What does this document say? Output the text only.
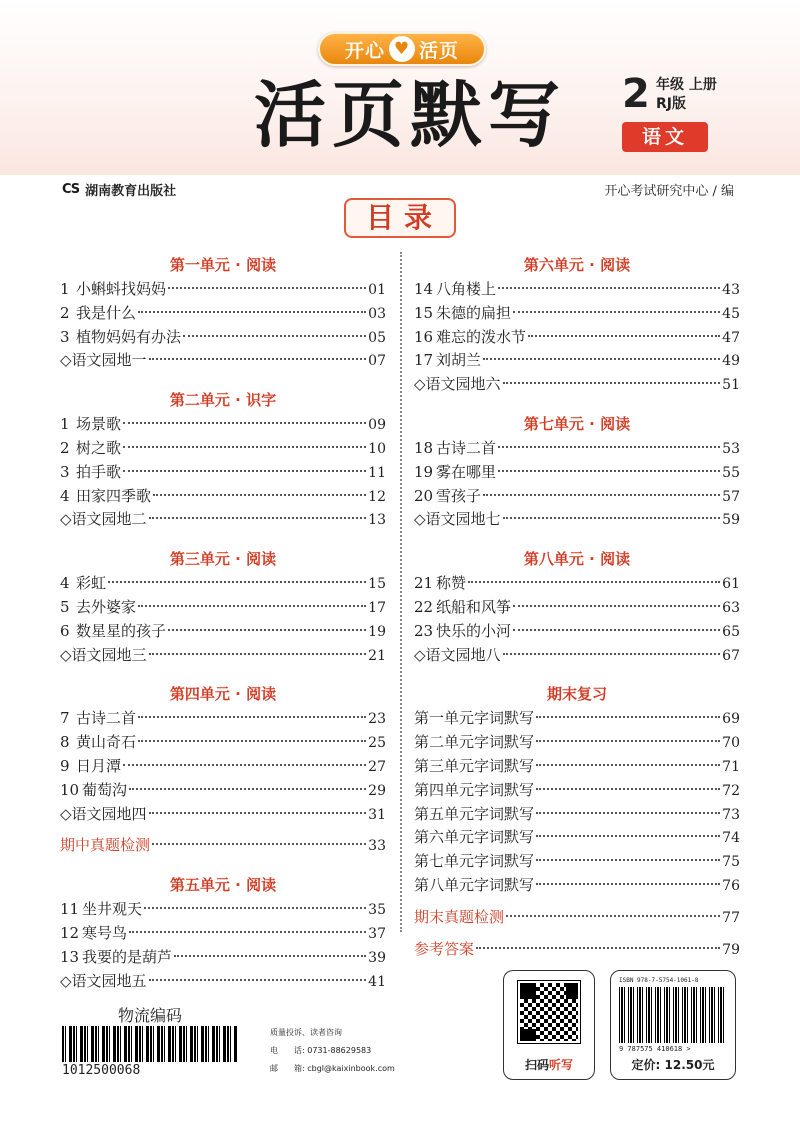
开心 ♥ 活页
活页默写	2 年级 上册
RJ版
语文
CS 湖南教育出版社	开心考试研究中心 / 编
目录
第一单元 · 阅读
1 小蝌蚪找妈妈	01
2 我是什么	03
3 植物妈妈有办法	05
◇语文园地一	07
第二单元 · 识字
1 场景歌	09
2 树之歌	10
3 拍手歌	11
4 田家四季歌	12
◇语文园地二	13
第三单元 · 阅读
4 彩虹	15
5 去外婆家	17
6 数星星的孩子	19
◇语文园地三	21
第四单元 · 阅读
7 古诗二首	23
8 黄山奇石	25
9 日月潭	27
10 葡萄沟	29
◇语文园地四	31
期中真题检测	33
第五单元 · 阅读
11 坐井观天	35
12 寒号鸟	37
13 我要的是葫芦	39
◇语文园地五	41
第六单元 · 阅读
14 八角楼上	43
15 朱德的扁担	45
16 难忘的泼水节	47
17 刘胡兰	49
◇语文园地六	51
第七单元 · 阅读
18 古诗二首	53
19 雾在哪里	55
20 雪孩子	57
◇语文园地七	59
第八单元 · 阅读
21 称赞	61
22 纸船和风筝	63
23 快乐的小河	65
◇语文园地八	67
期末复习
第一单元字词默写	69
第二单元字词默写	70
第三单元字词默写	71
第四单元字词默写	72
第五单元字词默写	73
第六单元字词默写	74
第七单元字词默写	75
第八单元字词默写	76
期末真题检测	77
参考答案	79
物流编码
1012500068
质量投诉、读者咨询
电　　话: 0731-88629583
邮　　箱: cbgl@kaixinbook.com	扫码听写
ISBN 978-7-5754-1061-8
9 787575 410618 >
定价: 12.50元
